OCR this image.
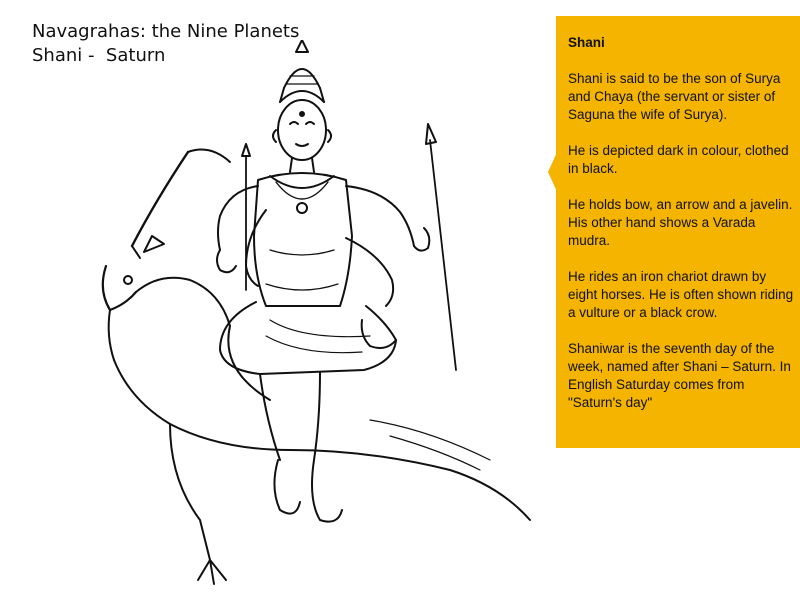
Navagrahas: the Nine Planets
Shani -  Saturn

Shani

Shani is said to be the son of Surya and Chaya (the servant or sister of Saguna the wife of Surya).

He is depicted dark in colour, clothed in black.

He holds bow, an arrow and a javelin. His other hand shows a Varada mudra.

He rides an iron chariot drawn by eight horses. He is often shown riding a vulture or a black crow.

Shaniwar is the seventh day of the week, named after Shani – Saturn. In English Saturday comes from "Saturn's day"
